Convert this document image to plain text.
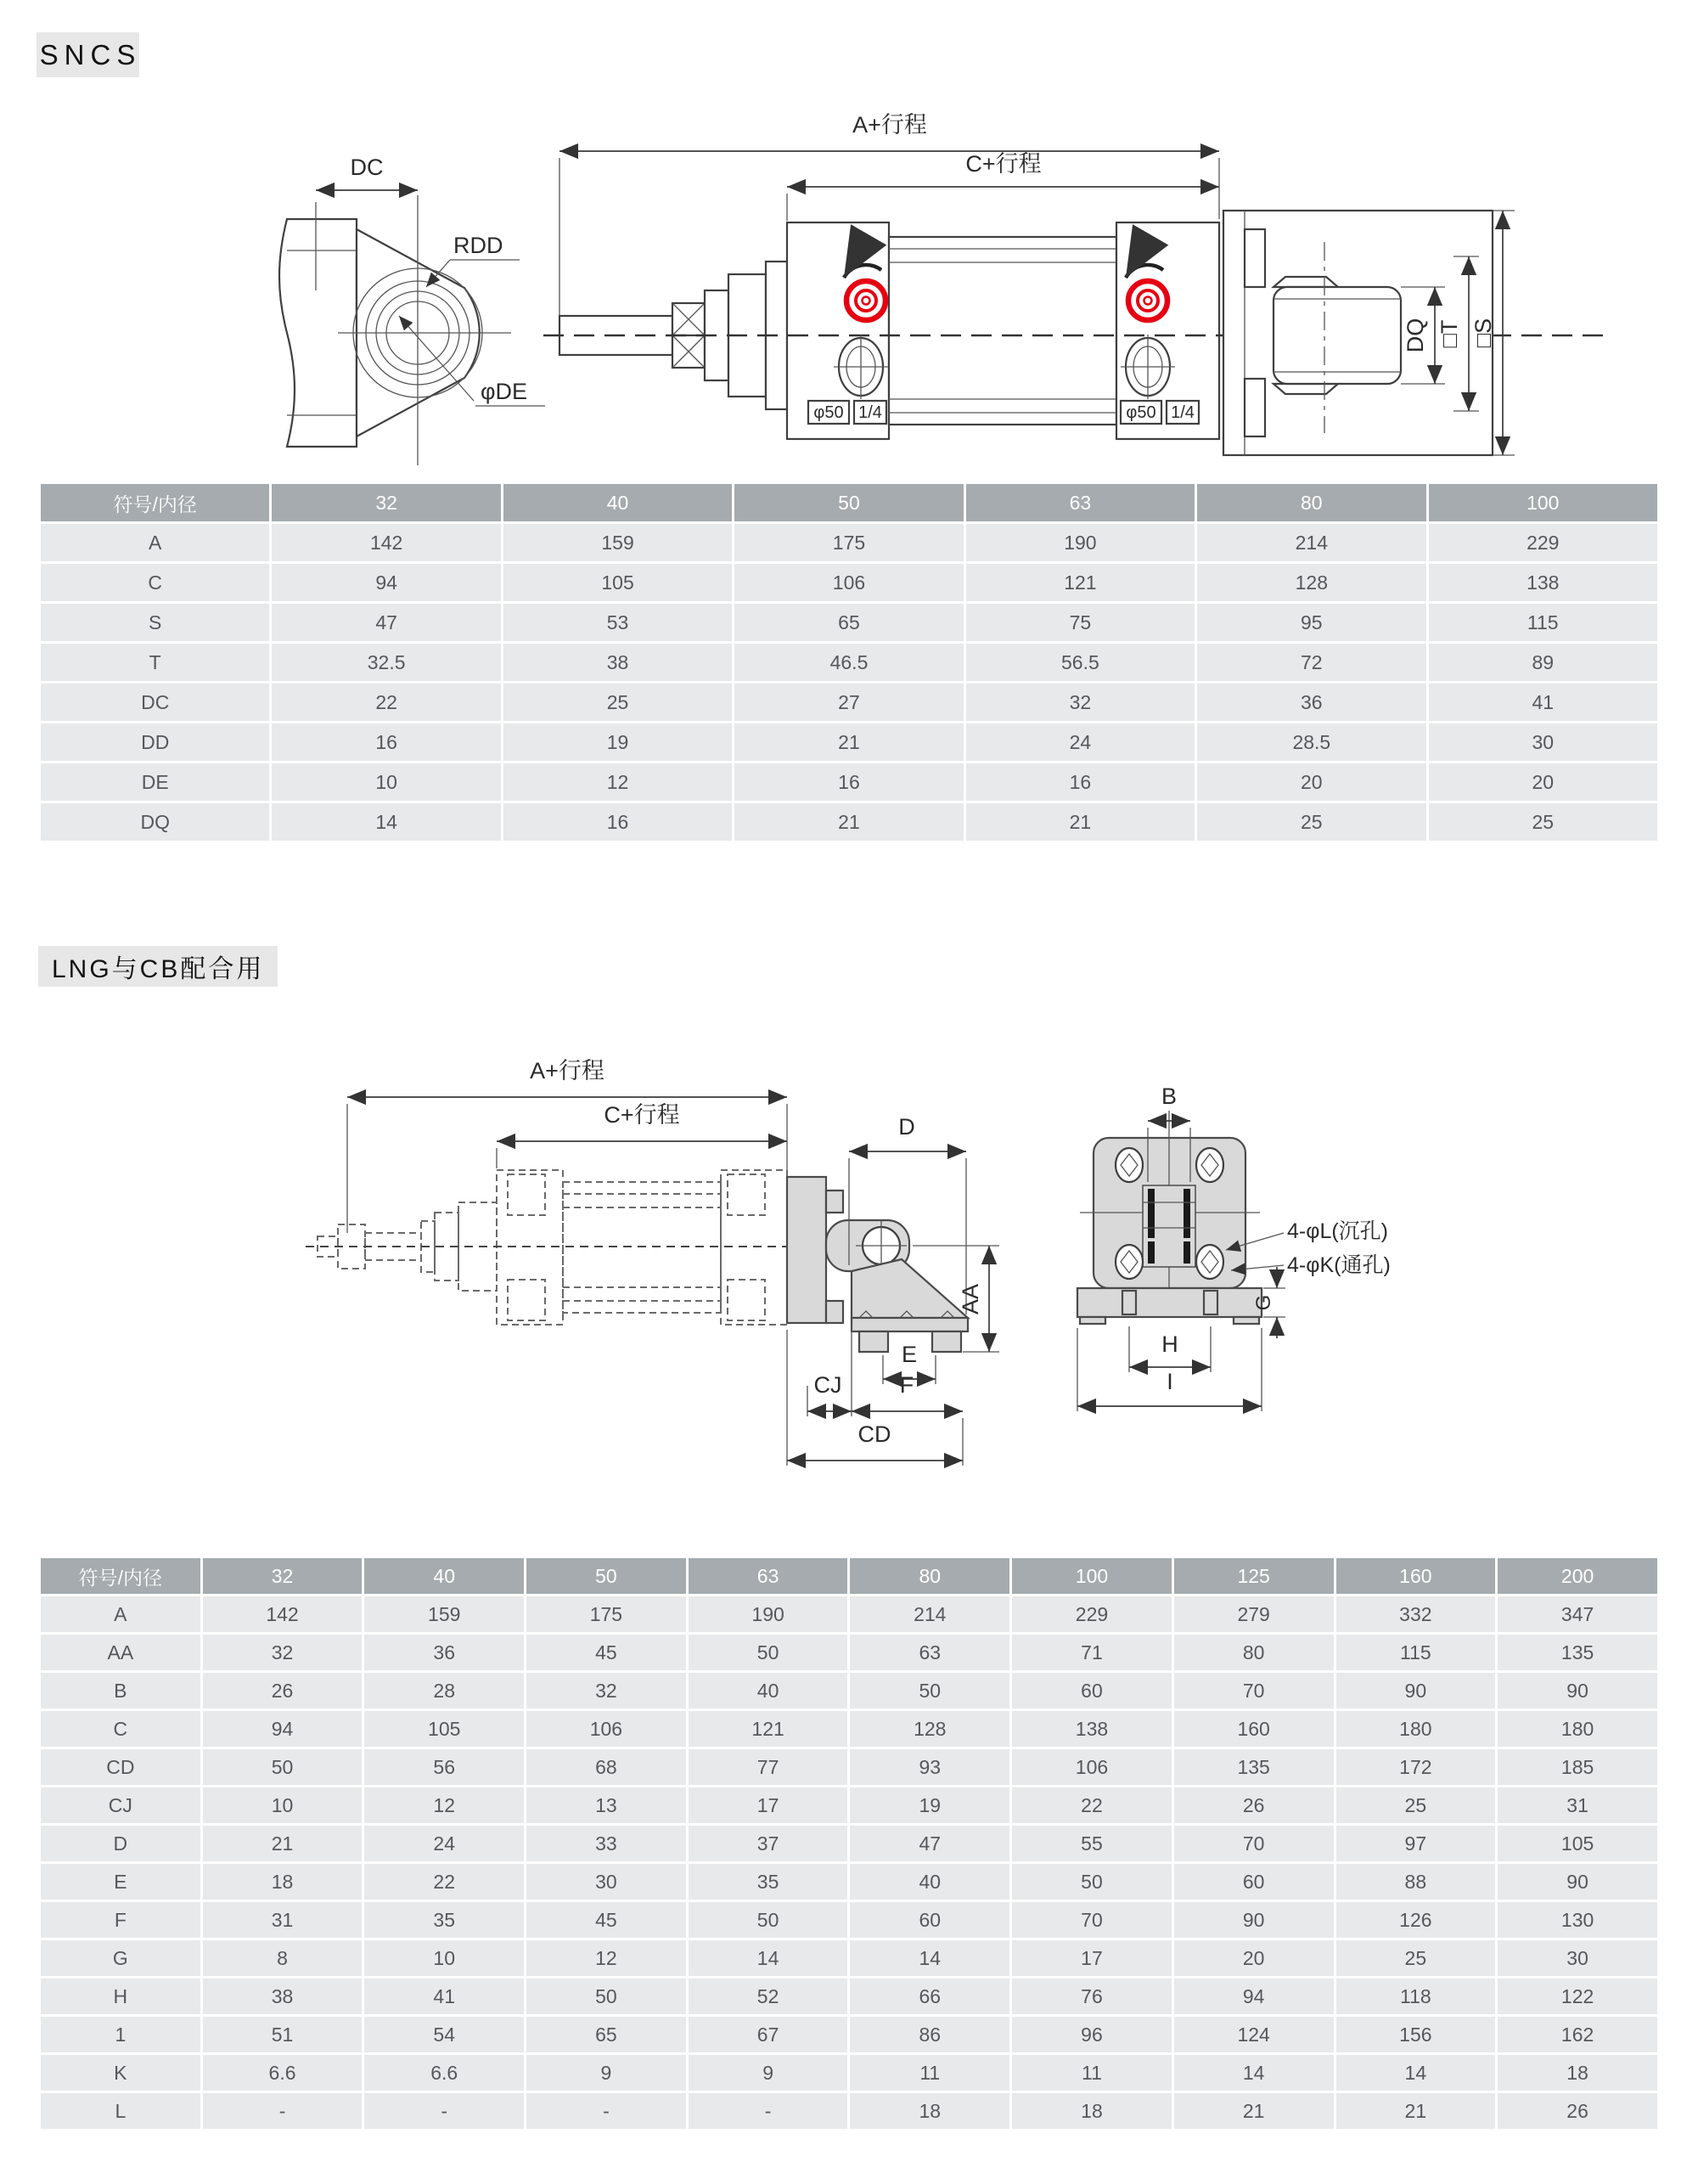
SNCS
DC
RDD
φDE
A+行程
C+行程
φ50 1/4	φ50 1/4
DQ □T □S
符号/内径	32	40	50	63	80	100
A	142	159	175	190	214	229
C	94	105	106	121	128	138
S	47	53	65	75	95	115
T	32.5	38	46.5	56.5	72	89
DC	22	25	27	32	36	41
DD	16	19	21	24	28.5	30
DE	10	12	16	16	20	20
DQ	14	16	21	21	25	25
LNG与CB配合用
A+行程
C+行程	D
AA
E
CJ	F
CD
B
4-φL(沉孔)
4-φK(通孔)
G
H
I
符号/内径	32	40	50	63	80	100	125	160	200
A	142	159	175	190	214	229	279	332	347
AA	32	36	45	50	63	71	80	115	135
B	26	28	32	40	50	60	70	90	90
C	94	105	106	121	128	138	160	180	180
CD	50	56	68	77	93	106	135	172	185
CJ	10	12	13	17	19	22	26	25	31
D	21	24	33	37	47	55	70	97	105
E	18	22	30	35	40	50	60	88	90
F	31	35	45	50	60	70	90	126	130
G	8	10	12	14	14	17	20	25	30
H	38	41	50	52	66	76	94	118	122
1	51	54	65	67	86	96	124	156	162
K	6.6	6.6	9	9	11	11	14	14	18
L	-	-	-	-	18	18	21	21	26
